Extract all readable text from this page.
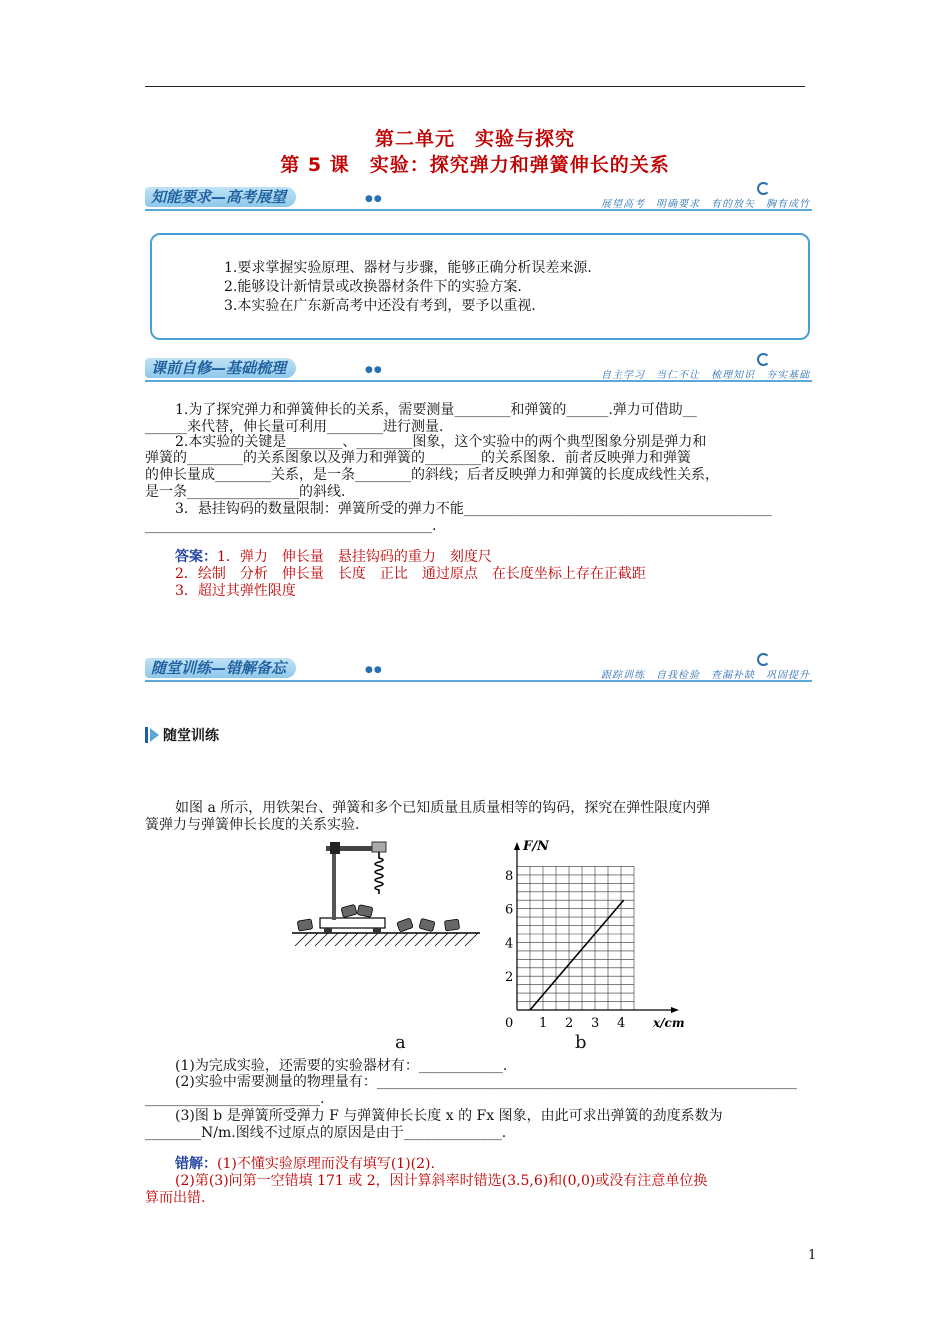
第二单元　实验与探究
第 5 课　实验：探究弹力和弹簧伸长的关系
知能要求—高考展望	●●	展望高考　明确要求　有的放矢　胸有成竹
1.要求掌握实验原理、器材与步骤，能够正确分析误差来源.
2.能够设计新情景或改换器材条件下的实验方案.
3.本实验在广东新高考中还没有考到，要予以重视.
课前自修—基础梳理	●●	自主学习　当仁不让　梳理知识　夯实基础
1.为了探究弹力和弹簧伸长的关系，需要测量________和弹簧的______.弹力可借助__
______来代替，伸长量可利用________进行测量.
2.本实验的关键是________、________图象，这个实验中的两个典型图象分别是弹力和
弹簧的________的关系图象以及弹力和弹簧的________的关系图象．前者反映弹力和弹簧
的伸长量成________关系，是一条________的斜线；后者反映弹力和弹簧的长度成线性关系，
是一条________________的斜线.
3．悬挂钩码的数量限制：弹簧所受的弹力不能____________________________________________
_________________________________________.
答案：1．弹力　伸长量　悬挂钩码的重力　刻度尺
2．绘制　分析　伸长量　长度　正比　通过原点　在长度坐标上存在正截距
3．超过其弹性限度
随堂训练—错解备忘	●●	跟踪训练　自我检验　查漏补缺　巩固提升
随堂训练
如图 a 所示，用铁架台、弹簧和多个已知质量且质量相等的钩码，探究在弹性限度内弹
簧弹力与弹簧伸长长度的关系实验.
a
0 1 2 3 4
2
4
6
8
x/cm
F/N
b
(1)为完成实验，还需要的实验器材有：____________.
(2)实验中需要测量的物理量有：____________________________________________________________
_________________________.
(3)图 b 是弹簧所受弹力 F 与弹簧伸长长度 x 的 Fx 图象，由此可求出弹簧的劲度系数为
________N/m.图线不过原点的原因是由于______________.
错解：(1)不懂实验原理而没有填写(1)(2).
(2)第(3)问第一空错填 171 或 2，因计算斜率时错选(3.5,6)和(0,0)或没有注意单位换
算而出错.
1
